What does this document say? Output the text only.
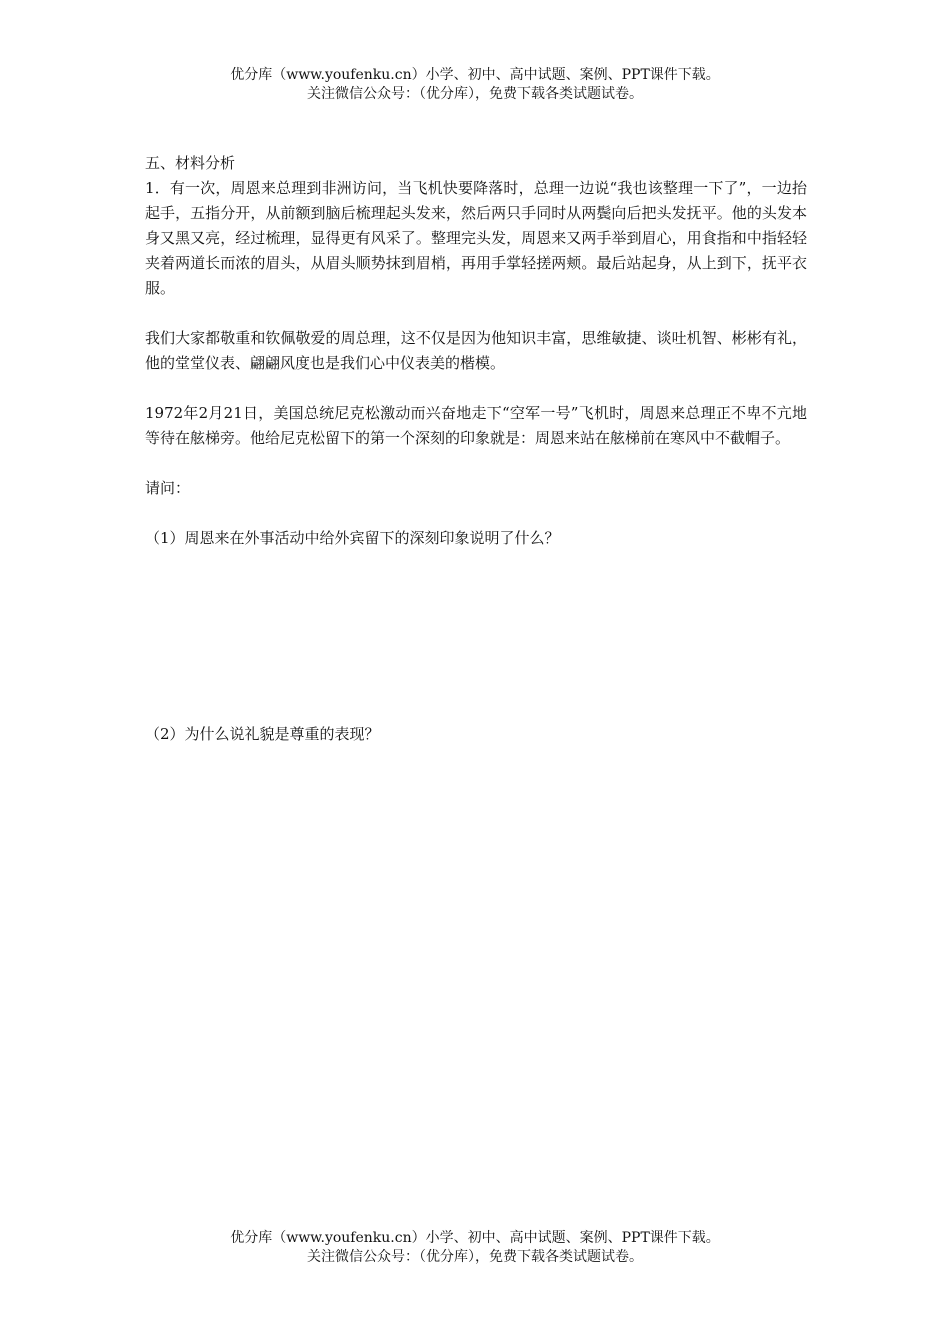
优分库（www.youfenku.cn）小学、初中、高中试题、案例、PPT课件下载。
关注微信公众号：（优分库），免费下载各类试题试卷。

五、材料分析

1．有一次，周恩来总理到非洲访问，当飞机快要降落时，总理一边说“我也该整理一下了”，一边抬起手，五指分开，从前额到脑后梳理起头发来，然后两只手同时从两鬓向后把头发抚平。他的头发本身又黑又亮，经过梳理，显得更有风采了。整理完头发，周恩来又两手举到眉心，用食指和中指轻轻夹着两道长而浓的眉头，从眉头顺势抹到眉梢，再用手掌轻搓两颊。最后站起身，从上到下，抚平衣服。

我们大家都敬重和钦佩敬爱的周总理，这不仅是因为他知识丰富，思维敏捷、谈吐机智、彬彬有礼，他的堂堂仪表、翩翩风度也是我们心中仪表美的楷模。

1972年2月21日，美国总统尼克松激动而兴奋地走下“空军一号”飞机时，周恩来总理正不卑不亢地等待在舷梯旁。他给尼克松留下的第一个深刻的印象就是：周恩来站在舷梯前在寒风中不截帽子。

请问：

（1）周恩来在外事活动中给外宾留下的深刻印象说明了什么？

（2）为什么说礼貌是尊重的表现？

优分库（www.youfenku.cn）小学、初中、高中试题、案例、PPT课件下载。
关注微信公众号：（优分库），免费下载各类试题试卷。
